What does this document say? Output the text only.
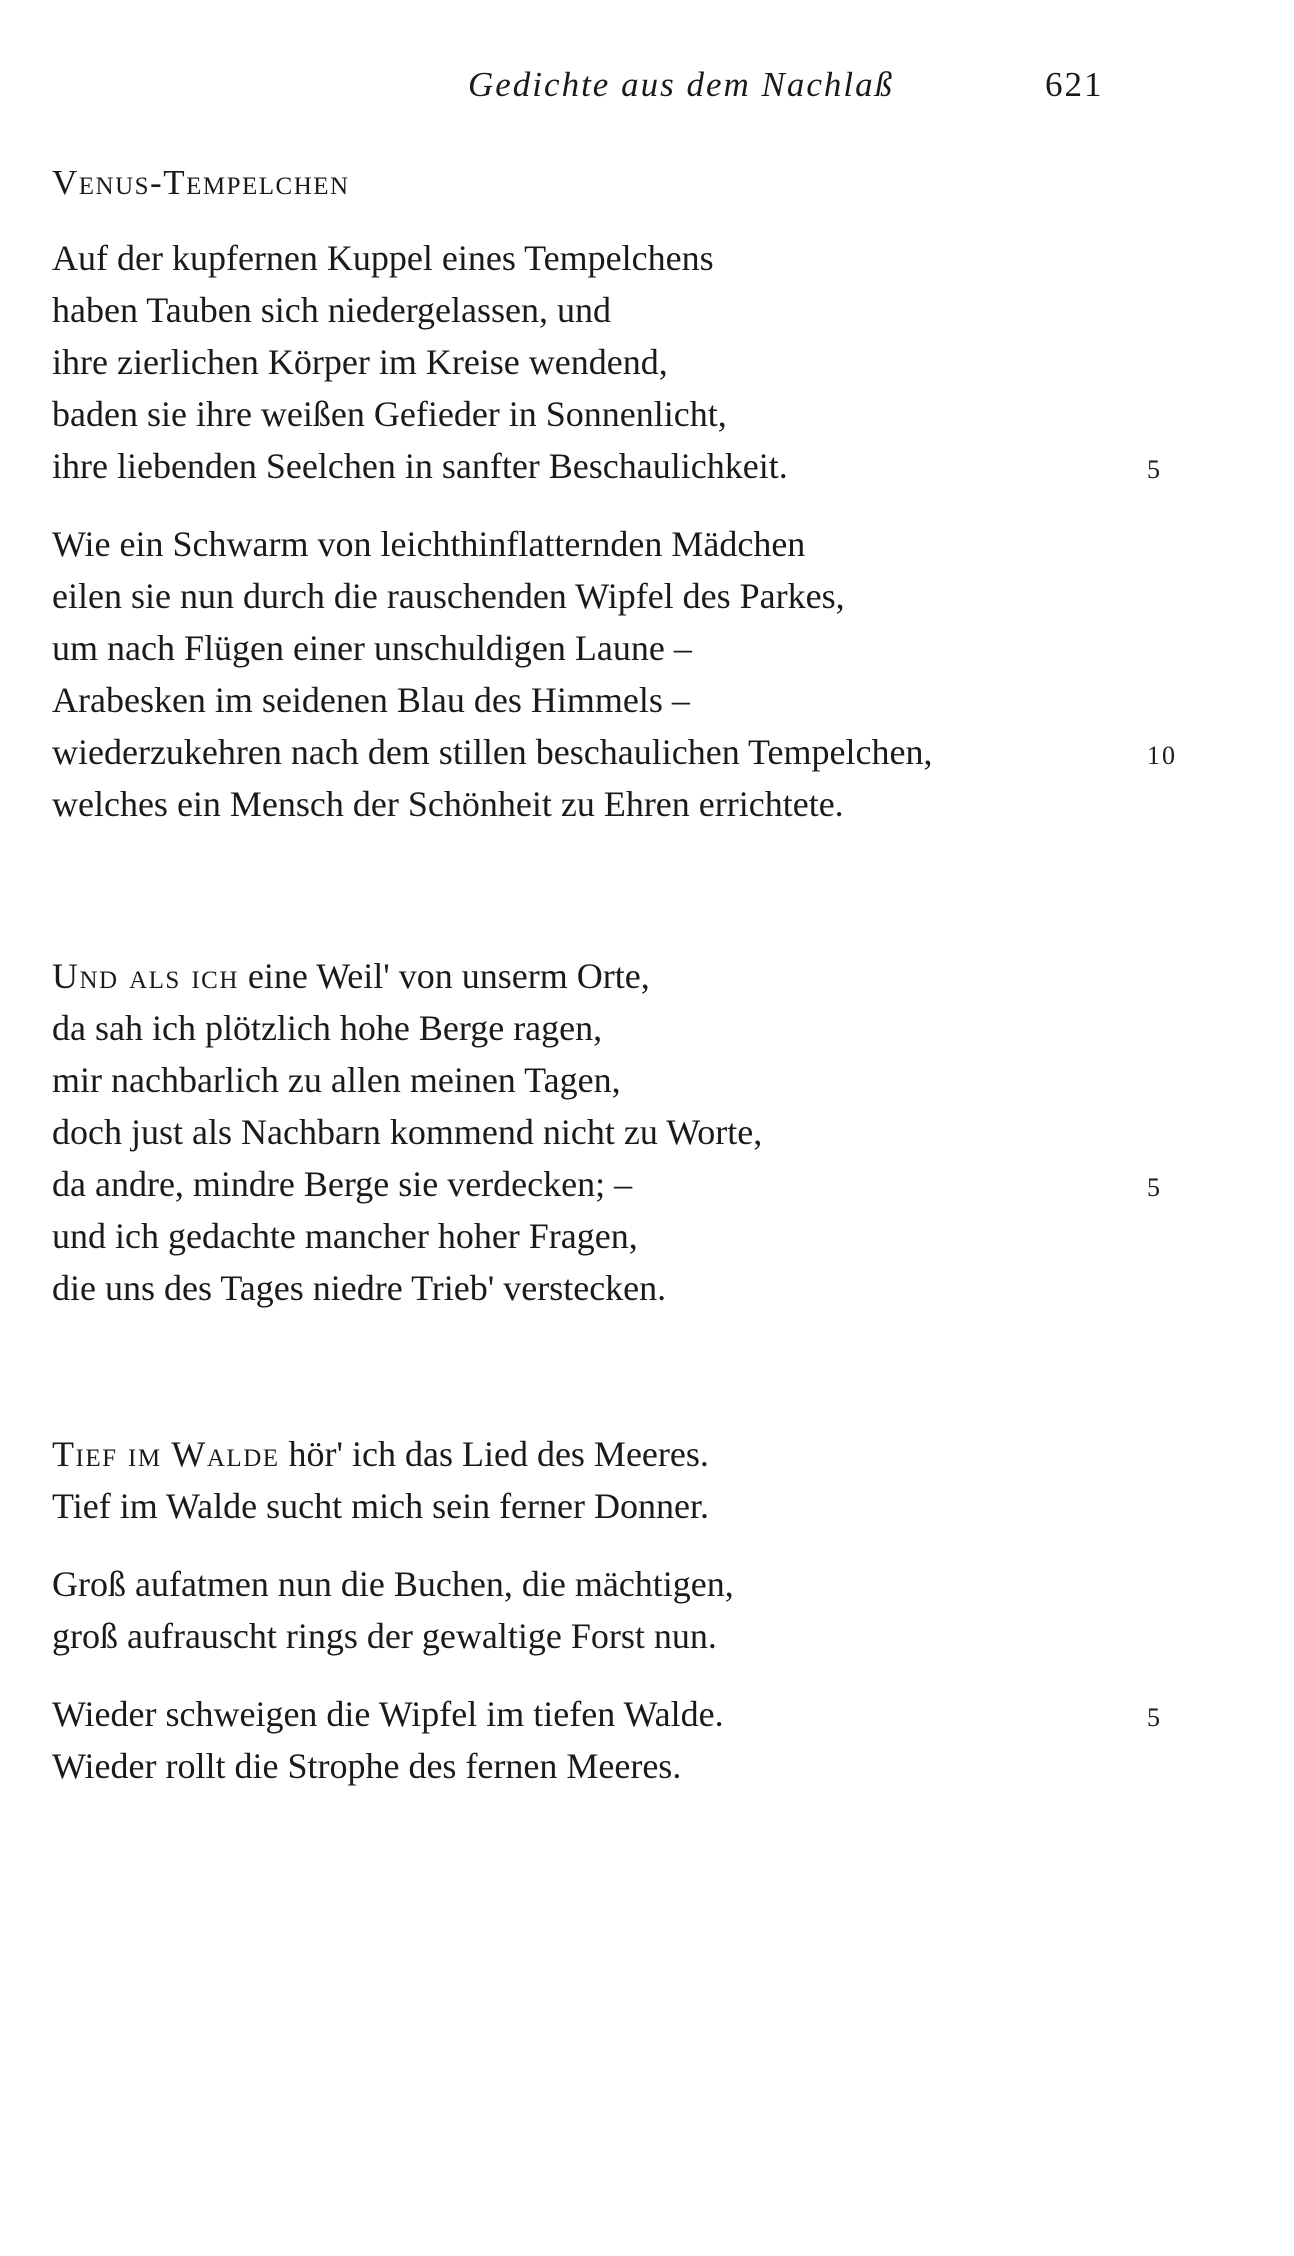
Gedichte aus dem Nachlaß	621
Venus-Tempelchen
Auf der kupfernen Kuppel eines Tempelchens
haben Tauben sich niedergelassen, und
ihre zierlichen Körper im Kreise wendend,
baden sie ihre weißen Gefieder in Sonnenlicht,
ihre liebenden Seelchen in sanfter Beschaulichkeit.	5
Wie ein Schwarm von leichthinflatternden Mädchen
eilen sie nun durch die rauschenden Wipfel des Parkes,
um nach Flügen einer unschuldigen Laune –
Arabesken im seidenen Blau des Himmels –
wiederzukehren nach dem stillen beschaulichen Tempelchen,	10
welches ein Mensch der Schönheit zu Ehren errichtete.
Und als ich eine Weil' von unserm Orte,
da sah ich plötzlich hohe Berge ragen,
mir nachbarlich zu allen meinen Tagen,
doch just als Nachbarn kommend nicht zu Worte,
da andre, mindre Berge sie verdecken; –	5
und ich gedachte mancher hoher Fragen,
die uns des Tages niedre Trieb' verstecken.
Tief im Walde hör' ich das Lied des Meeres.
Tief im Walde sucht mich sein ferner Donner.
Groß aufatmen nun die Buchen, die mächtigen,
groß aufrauscht rings der gewaltige Forst nun.
Wieder schweigen die Wipfel im tiefen Walde.	5
Wieder rollt die Strophe des fernen Meeres.
